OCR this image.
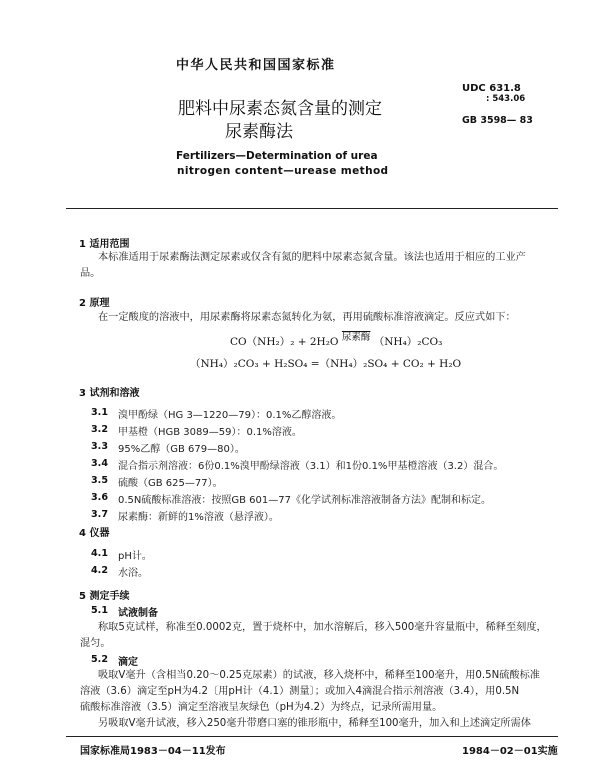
中华人民共和国国家标准
UDC 631.8
: 543.06
GB 3598— 83
肥料中尿素态氮含量的测定
尿素酶法
Fertilizers—Determination of urea
nitrogen content—urease method
1 适用范围
本标准适用于尿素酶法测定尿素或仅含有氮的肥料中尿素态氮含量。该法也适用于相应的工业产
品。
2 原理
在一定酸度的溶液中，用尿素酶将尿素态氮转化为氨，再用硫酸标准溶液滴定。反应式如下：
CO（NH₂）₂ + 2H₂O 尿素酶 （NH₄）₂CO₃
（NH₄）₂CO₃ + H₂SO₄ =（NH₄）₂SO₄ + CO₂ + H₂O
3 试剂和溶液
3.1 溴甲酚绿（HG 3—1220—79）：0.1%乙醇溶液。
3.2 甲基橙（HGB 3089—59）：0.1%溶液。
3.3 95%乙醇（GB 679—80）。
3.4 混合指示剂溶液：6份0.1%溴甲酚绿溶液（3.1）和1份0.1%甲基橙溶液（3.2）混合。
3.5 硫酸（GB 625—77）。
3.6 0.5N硫酸标准溶液：按照GB 601—77《化学试剂标准溶液制备方法》配制和标定。
3.7 尿素酶：新鲜的1%溶液（悬浮液）。
4 仪器
4.1 pH计。
4.2 水浴。
5 测定手续
5.1 试液制备
称取5克试样，称准至0.0002克，置于烧杯中，加水溶解后，移入500毫升容量瓶中，稀释至刻度，
混匀。
5.2 滴定
吸取V毫升（含相当0.20～0.25克尿素）的试液，移入烧杯中，稀释至100毫升，用0.5N硫酸标准
溶液（3.6）滴定至pH为4.2〔用pH计（4.1）测量〕；或加入4滴混合指示剂溶液（3.4），用0.5N
硫酸标准溶液（3.5）滴定至溶液呈灰绿色（pH为4.2）为终点，记录所需用量。
另吸取V毫升试液，移入250毫升带磨口塞的锥形瓶中，稀释至100毫升，加入和上述滴定所需体
国家标准局1983－04－11发布	1984－02－01实施
